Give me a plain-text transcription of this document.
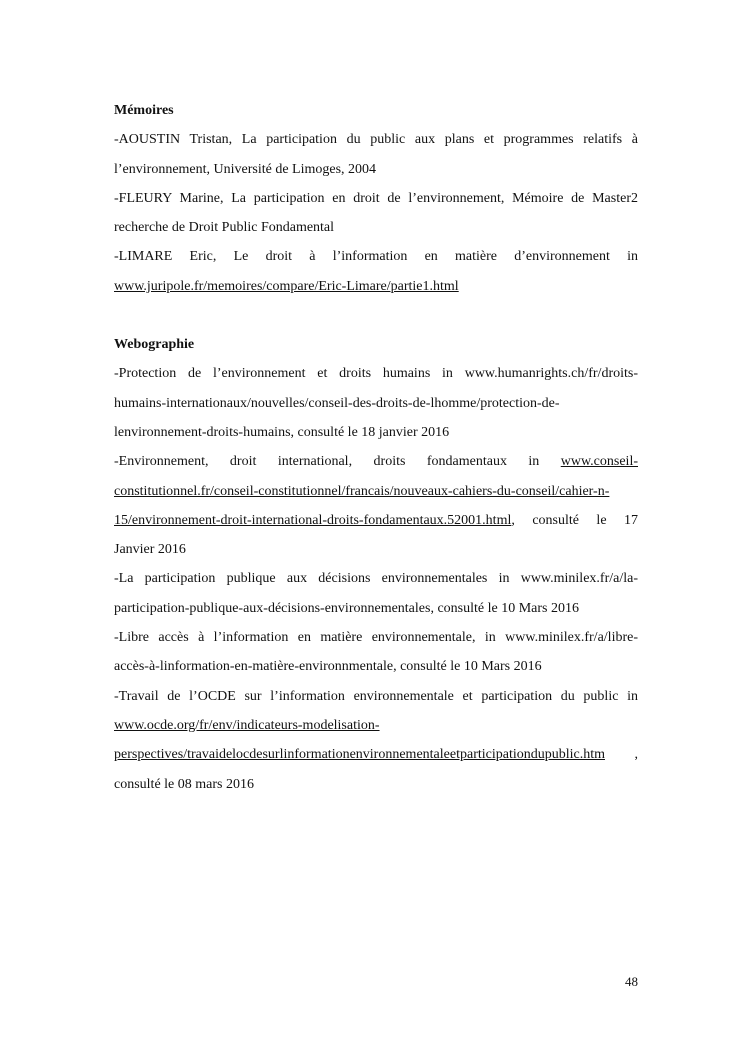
Mémoires
-AOUSTIN Tristan, La participation du public aux plans et programmes relatifs à
l’environnement, Université de Limoges, 2004
-FLEURY Marine, La participation en droit de l’environnement, Mémoire de Master2
recherche de Droit Public Fondamental
-LIMARE Eric, Le droit à l’information en matière d’environnement in
www.juripole.fr/memoires/compare/Eric-Limare/partie1.html
Webographie
-Protection de l’environnement et droits humains in www.humanrights.ch/fr/droits-
humains-internationaux/nouvelles/conseil-des-droits-de-lhomme/protection-de-
lenvironnement-droits-humains, consulté le 18 janvier 2016
-Environnement, droit international, droits fondamentaux in www.conseil-
constitutionnel.fr/conseil-constitutionnel/francais/nouveaux-cahiers-du-conseil/cahier-n-
15/environnement-droit-international-droits-fondamentaux.52001.html, consulté le 17
Janvier 2016
-La participation publique aux décisions environnementales in www.minilex.fr/a/la-
participation-publique-aux-décisions-environnementales, consulté le 10 Mars 2016
-Libre accès à l’information en matière environnementale, in www.minilex.fr/a/libre-
accès-à-linformation-en-matière-environnmentale, consulté le 10 Mars 2016
-Travail de l’OCDE sur l’information environnementale et participation du public in
www.ocde.org/fr/env/indicateurs-modelisation-
perspectives/travaidelocdesurlinformationenvironnementaleetparticipationdupublic.htm ,
consulté le 08 mars 2016
48
